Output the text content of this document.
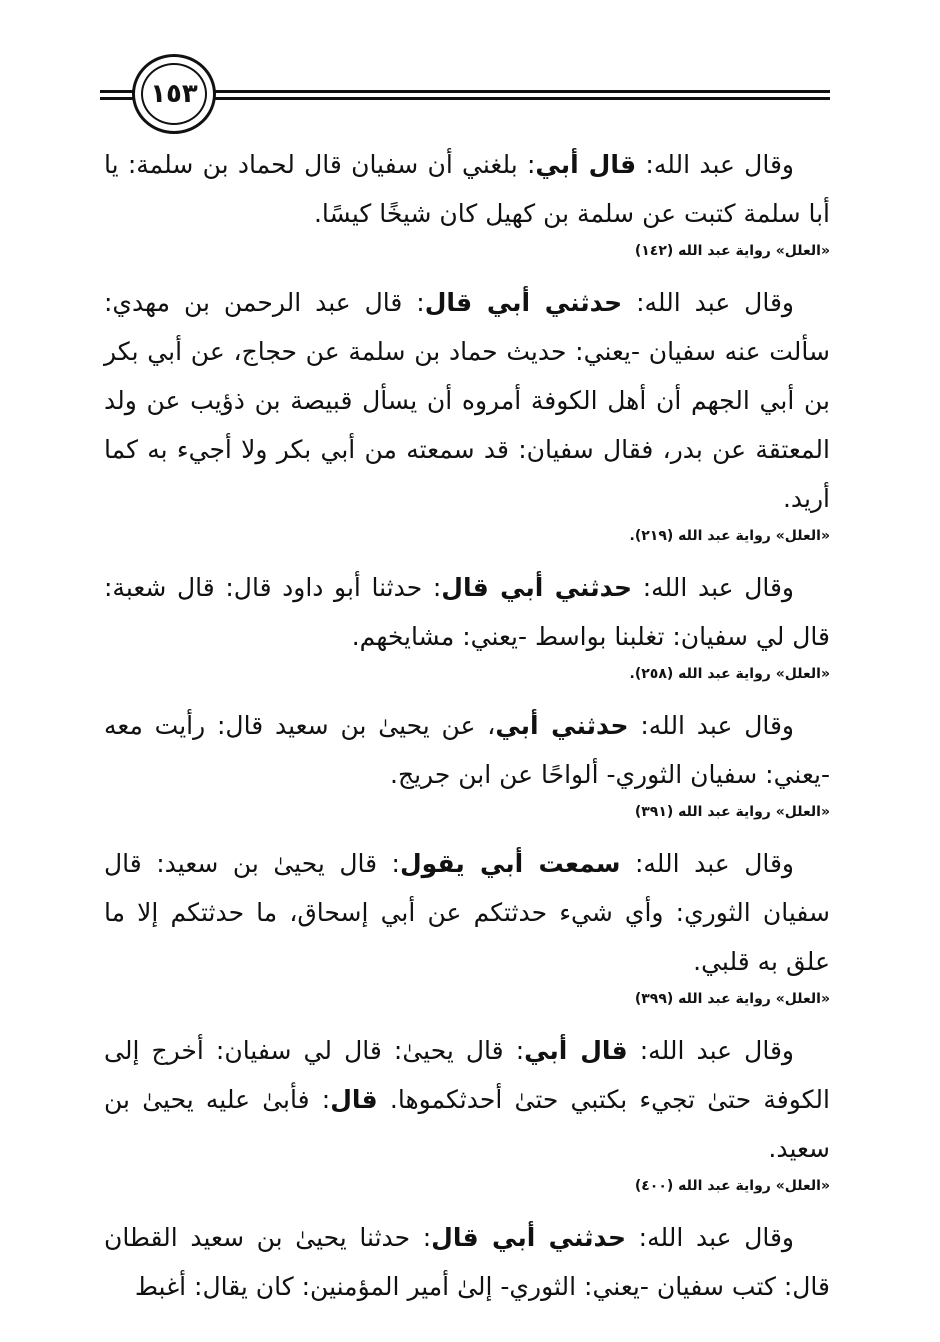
١٥٣

وقال عبد الله: قال أبي: بلغني أن سفيان قال لحماد بن سلمة: يا أبا سلمة كتبت عن سلمة بن كهيل كان شيخًا كيسًا.

«العلل» رواية عبد الله (١٤٢)

وقال عبد الله: حدثني أبي قال: قال عبد الرحمن بن مهدي: سألت عنه سفيان -يعني: حديث حماد بن سلمة عن حجاج، عن أبي بكر بن أبي الجهم أن أهل الكوفة أمروه أن يسأل قبيصة بن ذؤيب عن ولد المعتقة عن بدر، فقال سفيان: قد سمعته من أبي بكر ولا أجيء به كما أريد.

«العلل» رواية عبد الله (٢١٩).

وقال عبد الله: حدثني أبي قال: حدثنا أبو داود قال: قال شعبة: قال لي سفيان: تغلبنا بواسط -يعني: مشايخهم.

«العلل» رواية عبد الله (٢٥٨).

وقال عبد الله: حدثني أبي، عن يحيىٰ بن سعيد قال: رأيت معه -يعني: سفيان الثوري- ألواحًا عن ابن جريج.

«العلل» رواية عبد الله (٣٩١)

وقال عبد الله: سمعت أبي يقول: قال يحيىٰ بن سعيد: قال سفيان الثوري: وأي شيء حدثتكم عن أبي إسحاق، ما حدثتكم إلا ما علق به قلبي.

«العلل» رواية عبد الله (٣٩٩)

وقال عبد الله: قال أبي: قال يحيىٰ: قال لي سفيان: أخرج إلى الكوفة حتىٰ تجيء بكتبي حتىٰ أحدثكموها. قال: فأبىٰ عليه يحيىٰ بن سعيد.

«العلل» رواية عبد الله (٤٠٠)

وقال عبد الله: حدثني أبي قال: حدثنا يحيىٰ بن سعيد القطان قال: كتب سفيان -يعني: الثوري- إلىٰ أمير المؤمنين: كان يقال: أغبط
